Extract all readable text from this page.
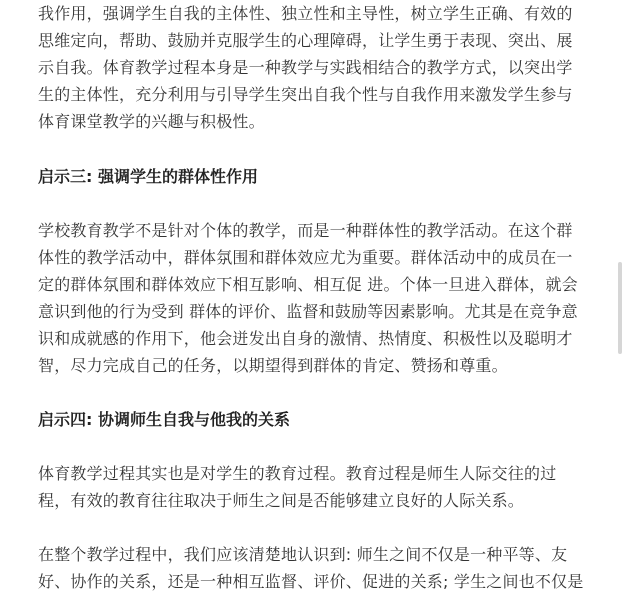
我作用，强调学生自我的主体性、独立性和主导性，树立学生正确、有效的
思维定向，帮助、鼓励并克服学生的心理障碍，让学生勇于表现、突出、展
示自我。体育教学过程本身是一种教学与实践相结合的教学方式，以突出学
生的主体性，充分利用与引导学生突出自我个性与自我作用来激发学生参与
体育课堂教学的兴趣与积极性。

启示三: 强调学生的群体性作用

学校教育教学不是针对个体的教学，而是一种群体性的教学活动。在这个群
体性的教学活动中，群体氛围和群体效应尤为重要。群体活动中的成员在一
定的群体氛围和群体效应下相互影响、相互促 进。个体一旦进入群体，就会
意识到他的行为受到 群体的评价、监督和鼓励等因素影响。尤其是在竞争意
识和成就感的作用下，他会迸发出自身的激情、热情度、积极性以及聪明才
智，尽力完成自己的任务，以期望得到群体的肯定、赞扬和尊重。

启示四: 协调师生自我与他我的关系

体育教学过程其实也是对学生的教育过程。教育过程是师生人际交往的过
程，有效的教育往往取决于师生之间是否能够建立良好的人际关系。

在整个教学过程中，我们应该清楚地认识到: 师生之间不仅是一种平等、友
好、协作的关系，还是一种相互监督、评价、促进的关系; 学生之间也不仅是
